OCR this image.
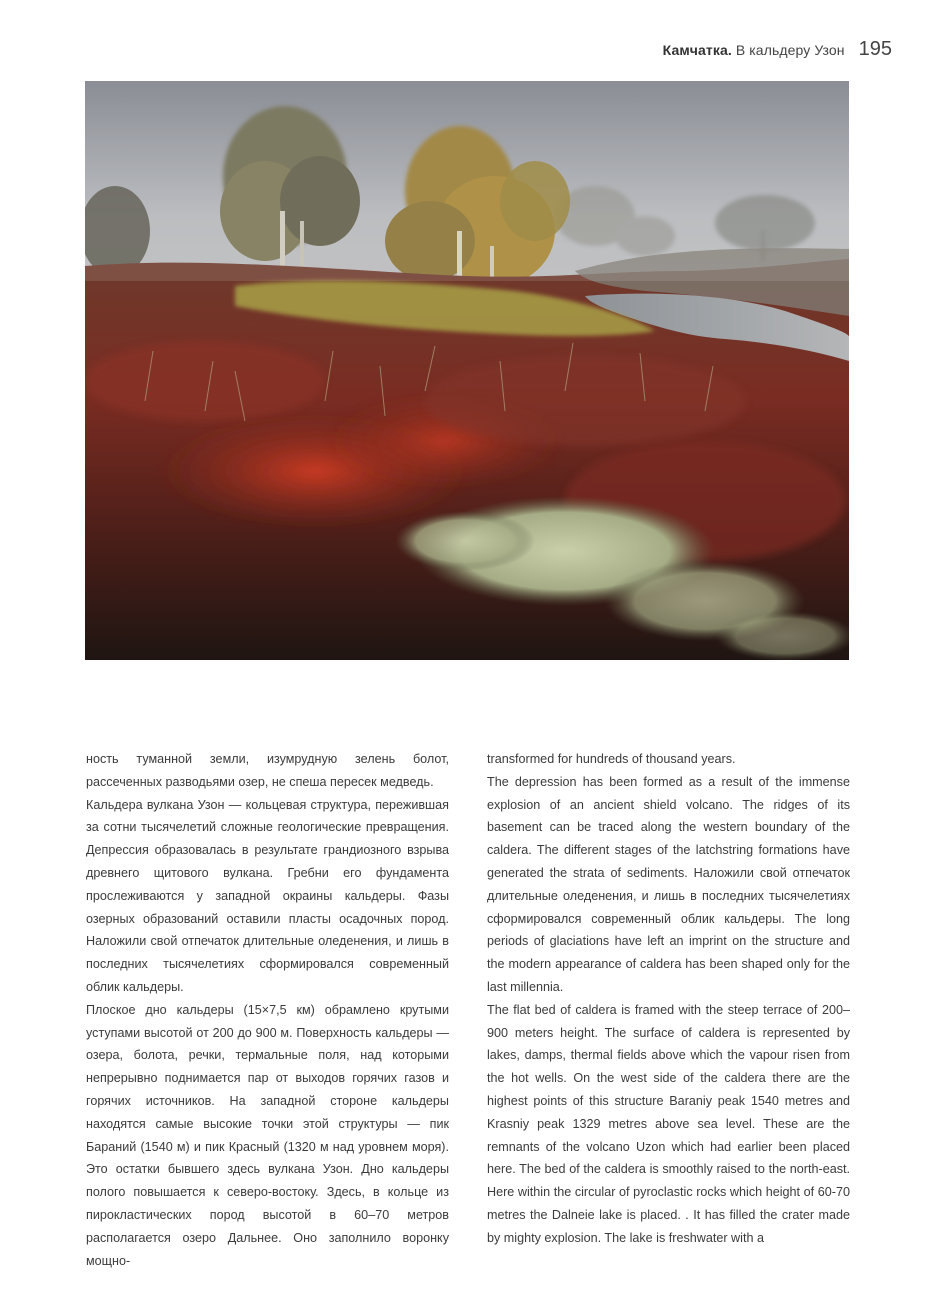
Камчатка. В кальдеру Узон 195

ность туманной земли, изумрудную зелень болот, рассеченных разводьями озер, не спеша пересек медведь.

Кальдера вулкана Узон — кольцевая структура, пережившая за сотни тысячелетий сложные геологические превращения. Депрессия образовалась в результате грандиозного взрыва древнего щитового вулкана. Гребни его фундамента прослеживаются у западной окраины кальдеры. Фазы озерных образований оставили пласты осадочных пород. Наложили свой отпечаток длительные оледенения, и лишь в последних тысячелетиях сформировался современный облик кальдеры.

Плоское дно кальдеры (15×7,5 км) обрамлено крутыми уступами высотой от 200 до 900 м. Поверхность кальдеры — озера, болота, речки, термальные поля, над которыми непрерывно поднимается пар от выходов горячих газов и горячих источников. На западной стороне кальдеры находятся самые высокие точки этой структуры — пик Бараний (1540 м) и пик Красный (1320 м над уровнем моря). Это остатки бывшего здесь вулкана Узон. Дно кальдеры полого повышается к северо-востоку. Здесь, в кольце из пирокластических пород высотой в 60–70 метров располагается озеро Дальнее. Оно заполнило воронку мощно-

transformed for hundreds of thousand years.

The depression has been formed as a result of the immense explosion of an ancient shield volcano. The ridges of its basement can be traced along the western boundary of the caldera. The different stages of the latchstring formations have generated the strata of sediments. Наложили свой отпечаток длительные оледенения, и лишь в последних тысячелетиях сформировался современный облик кальдеры. The long periods of glaciations have left an imprint on the structure and the modern appearance of caldera has been shaped only for the last millennia.

The flat bed of caldera is framed with the steep terrace of 200–900 meters height. The surface of caldera is represented by lakes, damps, thermal fields above which the vapour risen from the hot wells. On the west side of the caldera there are the highest points of this structure Baraniy peak 1540 metres and Krasniy peak 1329 metres above sea level. These are the remnants of the volcano Uzon which had earlier been placed here. The bed of the caldera is smoothly raised to the north-east. Here within the circular of pyroclastic rocks which height of 60-70 metres the Dalneie lake is placed. . It has filled the crater made by mighty explosion. The lake is freshwater with a
